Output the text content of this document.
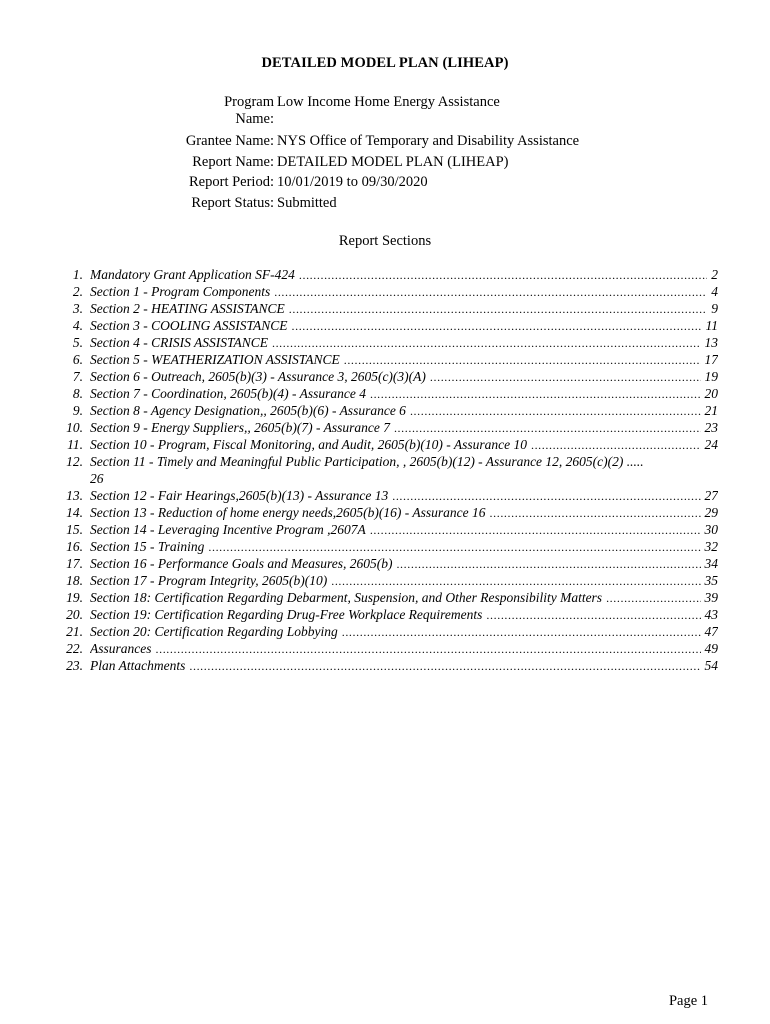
DETAILED MODEL PLAN (LIHEAP)
Program Name:
Low Income Home Energy Assistance
Grantee Name: NYS Office of Temporary and Disability Assistance
Report Name: DETAILED MODEL PLAN (LIHEAP)
Report Period: 10/01/2019 to 09/30/2020
Report Status: Submitted
Report Sections
1. Mandatory Grant Application SF-424 . . .	2
2. Section 1 - Program Components . . .	4
3. Section 2 - HEATING ASSISTANCE . . .	9
4. Section 3 - COOLING ASSISTANCE . . .	11
5. Section 4 - CRISIS ASSISTANCE . . .	13
6. Section 5 - WEATHERIZATION ASSISTANCE . . .	17
7. Section 6 - Outreach, 2605(b)(3) - Assurance 3, 2605(c)(3)(A) . . .	19
8. Section 7 - Coordination, 2605(b)(4) - Assurance 4 . . .	20
9. Section 8 - Agency Designation,, 2605(b)(6) - Assurance 6 . . .	21
10. Section 9 - Energy Suppliers,, 2605(b)(7) - Assurance 7 . . .	23
11. Section 10 - Program, Fiscal Monitoring, and Audit, 2605(b)(10) - Assurance 10 . . .	24
12. Section 11 - Timely and Meaningful Public Participation, , 2605(b)(12) - Assurance 12, 2605(c)(2) .....
26
13. Section 12 - Fair Hearings,2605(b)(13) - Assurance 13 . . .	27
14. Section 13 - Reduction of home energy needs,2605(b)(16) - Assurance 16 . . .	29
15. Section 14 - Leveraging Incentive Program ,2607A . . .	30
16. Section 15 - Training . . .	32
17. Section 16 - Performance Goals and Measures, 2605(b) . . .	34
18. Section 17 - Program Integrity, 2605(b)(10) . . .	35
19. Section 18: Certification Regarding Debarment, Suspension, and Other Responsibility Matters . . .	39
20. Section 19: Certification Regarding Drug-Free Workplace Requirements . . .	43
21. Section 20: Certification Regarding Lobbying . . .	47
22. Assurances . . .	49
23. Plan Attachments . . .	54
Page 1
